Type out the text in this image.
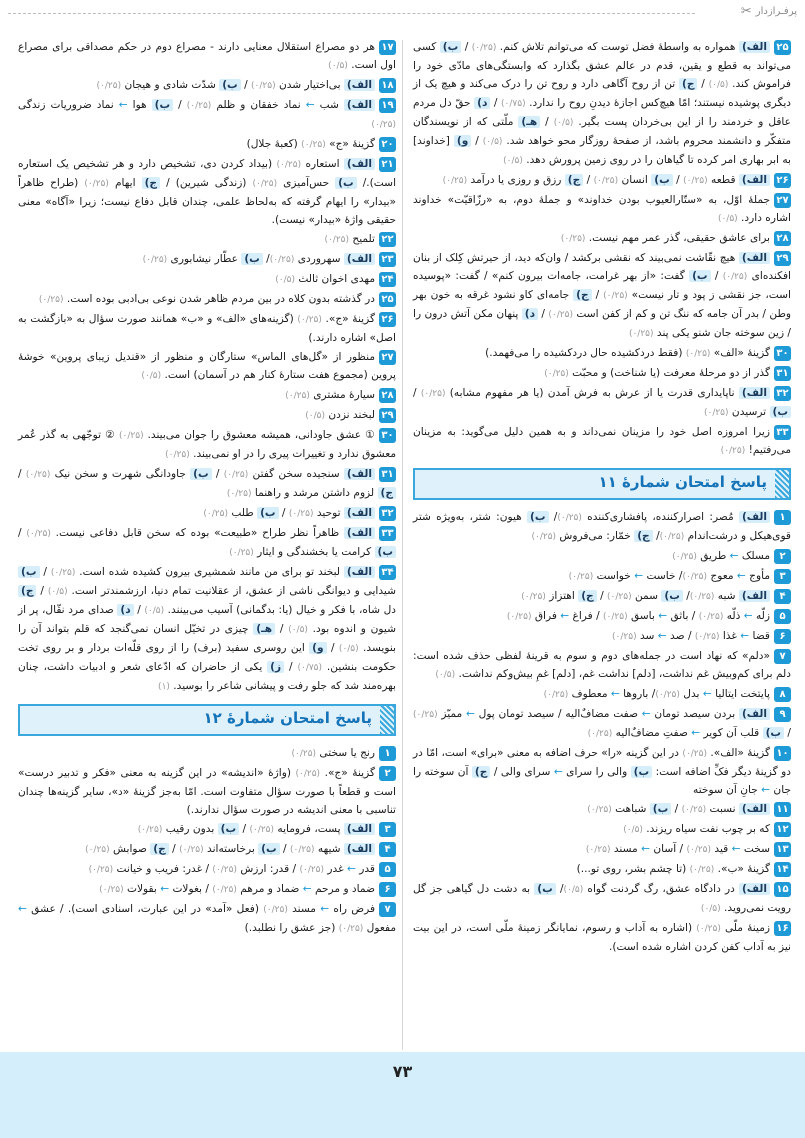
پرفـرازدار
✂
۲۵الف) همواره به واسطهٔ فضل توست که می‌توانم تلاش کنم. (۰/۲۵) / ب) کسی می‌تواند به قطع و یقین، قدم در عالم عشق بگذارد که وابستگی‌های مادّی خود را فراموش کند. (۰/۵) / ج) تن از روح آگاهی دارد و روح تن را درک می‌کند و هیچ یک از دیگری پوشیده نیستند؛ امّا هیچ‌کس اجازهٔ دیدنِ روح را ندارد. (۰/۷۵) / د) حقّ دل مردم عاقل و خردمند را از این بی‌خردان پست بگیر. (۰/۵) / هـ) ملّتی که از نویسندگان متفکّر و دانشمند محروم باشد، از صفحهٔ روزگار محو خواهد شد. (۰/۵) / و) [خداوند] به ابر بهاری امر کرده تا گیاهان را در روی زمین پرورش دهد. (۰/۵)
۲۶الف) قطعه (۰/۲۵) / ب) انسان (۰/۲۵) / ج) رزق و روزی یا درآمد (۰/۲۵)
۲۷جملهٔ اوّل، به «ستّارالعیوب بودن خداوند» و جملهٔ دوم، به «رزّاقیّت» خداوند اشاره دارد. (۰/۵)
۲۸برای عاشق حقیقی، گذر عمر مهم نیست. (۰/۲۵)
۲۹الف) هیچ نقّاشت نمی‌بیند که نقشی برکشد / وان‌که دید، از حیرتش کِلک از بنان افکنده‌ای (۰/۲۵) / ب) گفت: «از بهر غرامت، جامه‌ات بیرون کنم» / گفت: «پوسیده است، جز نقشی ز پود و تار نیست» (۰/۲۵) / ج) جامه‌ای کاو نشود غرقه به خون بهر وطن / بدر آن جامه که ننگ تن و کم از کفن است (۰/۲۵) / د) پنهان مکن آتش درون را / زین سوخته جان شنو یکی پند (۰/۲۵)
۳۰گزینهٔ «الف» (۰/۲۵) (فقط دردکشیده حال دردکشیده را می‌فهمد.)
۳۱گذر از دو مرحلهٔ معرفت (یا شناخت) و محبّت (۰/۲۵)
۳۲الف) ناپایداری قدرت یا از عرش به فرش آمدن (یا هر مفهوم مشابه) (۰/۲۵) / ب) ترسیدن (۰/۲۵)
۳۳زیرا امروزه اصل خود را مزینان نمی‌داند و به همین دلیل می‌گوید: به مزینان می‌رفتیم! (۰/۲۵)
پاسخ امتحان شمارهٔ ۱۱
۱الف) مُصر: اصرارکننده، پافشاری‌کننده (۰/۲۵)/ ب) هیون: شتر، به‌ویژه شتر قوی‌هیکل و درشت‌اندام (۰/۲۵)/ ج) خمّار: می‌فروش (۰/۲۵)
۲مسلک ← طریق (۰/۲۵)
۳مأوج ← معوج (۰/۲۵)/ خاست ← خواست (۰/۲۵)
۴الف) شبه (۰/۲۵)/ ب) سمن (۰/۲۵) / ج) اهتزاز (۰/۲۵)
۵زلّه ← ذلّه (۰/۲۵) / باثق ← باسق (۰/۲۵) / فراغ ← فراق (۰/۲۵)
۶قضا ← غذا (۰/۲۵) / صد ← سد (۰/۲۵)
۷«دلم» که نهاد است در جمله‌های دوم و سوم به قرینهٔ لفظی حذف شده است: دلم برای کم‌وبیش غم نداشت، [دلم] نداشت غم، [دلم] غمِ بیش‌وکم نداشت. (۰/۵)
۸پایتخت ایتالیا ← بدل (۰/۲۵)/ باروها ← معطوف (۰/۲۵)
۹الف) بردن سیصد تومان ← صفت مضافٌ‌الیه / سیصد تومان پول ← ممیّز (۰/۲۵) / ب) قلب آن کویر ← صفتِ مضافٌ‌الیه (۰/۲۵)
۱۰گزینهٔ «الف». (۰/۲۵) در این گزینه «را» حرف اضافه به معنی «برای» است، امّا در دو گزینهٔ دیگر فکِّ اضافه است: ب) والی را سرای ← سرای والی / ج) آن سوخته را جان ← جانِ آن سوخته
۱۱الف) نسبت (۰/۲۵) / ب) شباهت (۰/۲۵)
۱۲که بر چوب نفت سیاه ریزند. (۰/۵)
۱۳سخت ← قید (۰/۲۵) / آسان ← مسند (۰/۲۵)
۱۴گزینهٔ «ب». (۰/۲۵) (تا چشم بشر، روی تو...)
۱۵الف) در دادگاه عشق، رگ گردنت گواه (۰/۵)/ ب) به دشت دل گیاهی جز گل رویت نمی‌روید. (۰/۵)
۱۶زمینهٔ ملّی (۰/۲۵) (اشاره به آداب و رسوم، نمایانگر زمینهٔ ملّی است، در این بیت نیز به آداب کفن کردن اشاره شده است).
۱۷هر دو مصراع استقلال معنایی دارند - مصراع دوم در حکم مصداقی برای مصراع اول است. (۰/۵)
۱۸الف) بی‌اختیار شدن (۰/۲۵) / ب) شدّت شادی و هیجان (۰/۲۵)
۱۹الف) شب ← نماد خفقان و ظلم (۰/۲۵) / ب) هوا ← نماد ضروریات زندگی (۰/۲۵)
۲۰گزینهٔ «ج» (۰/۲۵) (کعبهٔ جلال)
۲۱الف) استعاره (۰/۲۵) (بیداد کردن دی، تشخیص دارد و هر تشخیص یک استعاره است)./ ب) حس‌آمیزی (۰/۲۵) (زندگی شیرین) / ج) ایهام (۰/۲۵) (طراح ظاهراً «بیدار» را ایهام گرفته که به‌لحاظ علمی، چندان قابل دفاع نیست؛ زیرا «آگاه» معنی حقیقی واژهٔ «بیدار» نیست).
۲۲تلمیح (۰/۲۵)
۲۳الف) سهروردی (۰/۲۵)/ ب) عطّار نیشابوری (۰/۲۵)
۲۴مهدی اخوان ثالث (۰/۵)
۲۵در گذشته بدون کلاه در بین مردم ظاهر شدن نوعی بی‌ادبی بوده است. (۰/۲۵)
۲۶گزینهٔ «ج». (۰/۲۵) (گزینه‌های «الف» و «ب» همانند صورت سؤال به «بازگشت به اصل» اشاره دارند.)
۲۷منظور از «گل‌های الماس» ستارگان و منظور از «قندیل زیبای پروین» خوشهٔ پروین (مجموع هفت ستارهٔ کنار هم در آسمان) است. (۰/۵)
۲۸سیارهٔ مشتری (۰/۲۵)
۲۹لبخند نزدن (۰/۵)
۳۰① عشق جاودانی، همیشه معشوق را جوان می‌بیند. (۰/۲۵) ② توجّهی به گذر عُمر معشوق ندارد و تغییرات پیری را در او نمی‌بیند. (۰/۲۵)
۳۱الف) سنجیده سخن گفتن (۰/۲۵) / ب) جاودانگی شهرت و سخن نیک (۰/۲۵) / ج) لزوم داشتن مرشد و راهنما (۰/۲۵)
۳۲الف) توحید (۰/۲۵) / ب) طلب (۰/۲۵)
۳۳الف) ظاهراً نظر طراح «طبیعت» بوده که سخن قابل دفاعی نیست. (۰/۲۵) / ب) کرامت یا بخشندگی و ایثار (۰/۲۵)
۳۴الف) لبخند تو برای من مانند شمشیری بیرون کشیده شده است. (۰/۲۵) / ب) شیدایی و دیوانگی ناشی از عشق، از عقلانیت تمام دنیا، ارزشمندتر است. (۰/۵) / ج) دل شاه، با فکر و خیال (یا: بدگمانی) آسیب می‌بینند. (۰/۵) / د) صدای مرد نقّال، پر از شیون و اندوه بود. (۰/۵) / هـ) چیزی در تخیّل انسان نمی‌گنجد که قلم بتواند آن را بنویسد. (۰/۵) / و) این روسری سفید (برف) را از روی قلّه‌ات بردار و بر روی تخت حکومت بنشین. (۰/۷۵) / ز) یکی از حاضران که ادّعای شعر و ادبیات داشت، چنان بهره‌مند شد که جلو رفت و پیشانی شاعر را بوسید. (۱)
پاسخ امتحان شمارهٔ ۱۲
۱رنج یا سختی (۰/۲۵)
۲گزینهٔ «ج». (۰/۲۵) (واژهٔ «اندیشه» در این گزینه به معنی «فکر و تدبیر درست» است و قطعاً با صورت سؤال متفاوت است. امّا به‌جز گزینهٔ «د»، سایر گزینه‌ها چندان تناسبی با معنی اندیشه در صورت سؤال ندارند.)
۳الف) پست، فرومایه (۰/۲۵) / ب) بدون رقیب (۰/۲۵)
۴الف) شیهه (۰/۲۵) / ب) برخاسته‌اند (۰/۲۵) / ج) صوابش (۰/۲۵)
۵قدر ← غدر (۰/۲۵) / قدر: ارزش (۰/۲۵) / غدر: فریب و خیانت (۰/۲۵)
۶ضماد و مرحم ← ضماد و مرهم (۰/۲۵) / بغولات ← بقولات (۰/۲۵)
۷فرض راه ← مسند (۰/۲۵) (فعل «آمد» در این عبارت، اسنادی است). / عشق ← مفعول (۰/۲۵) (جز عشق را نطلبد.)
۷۳
